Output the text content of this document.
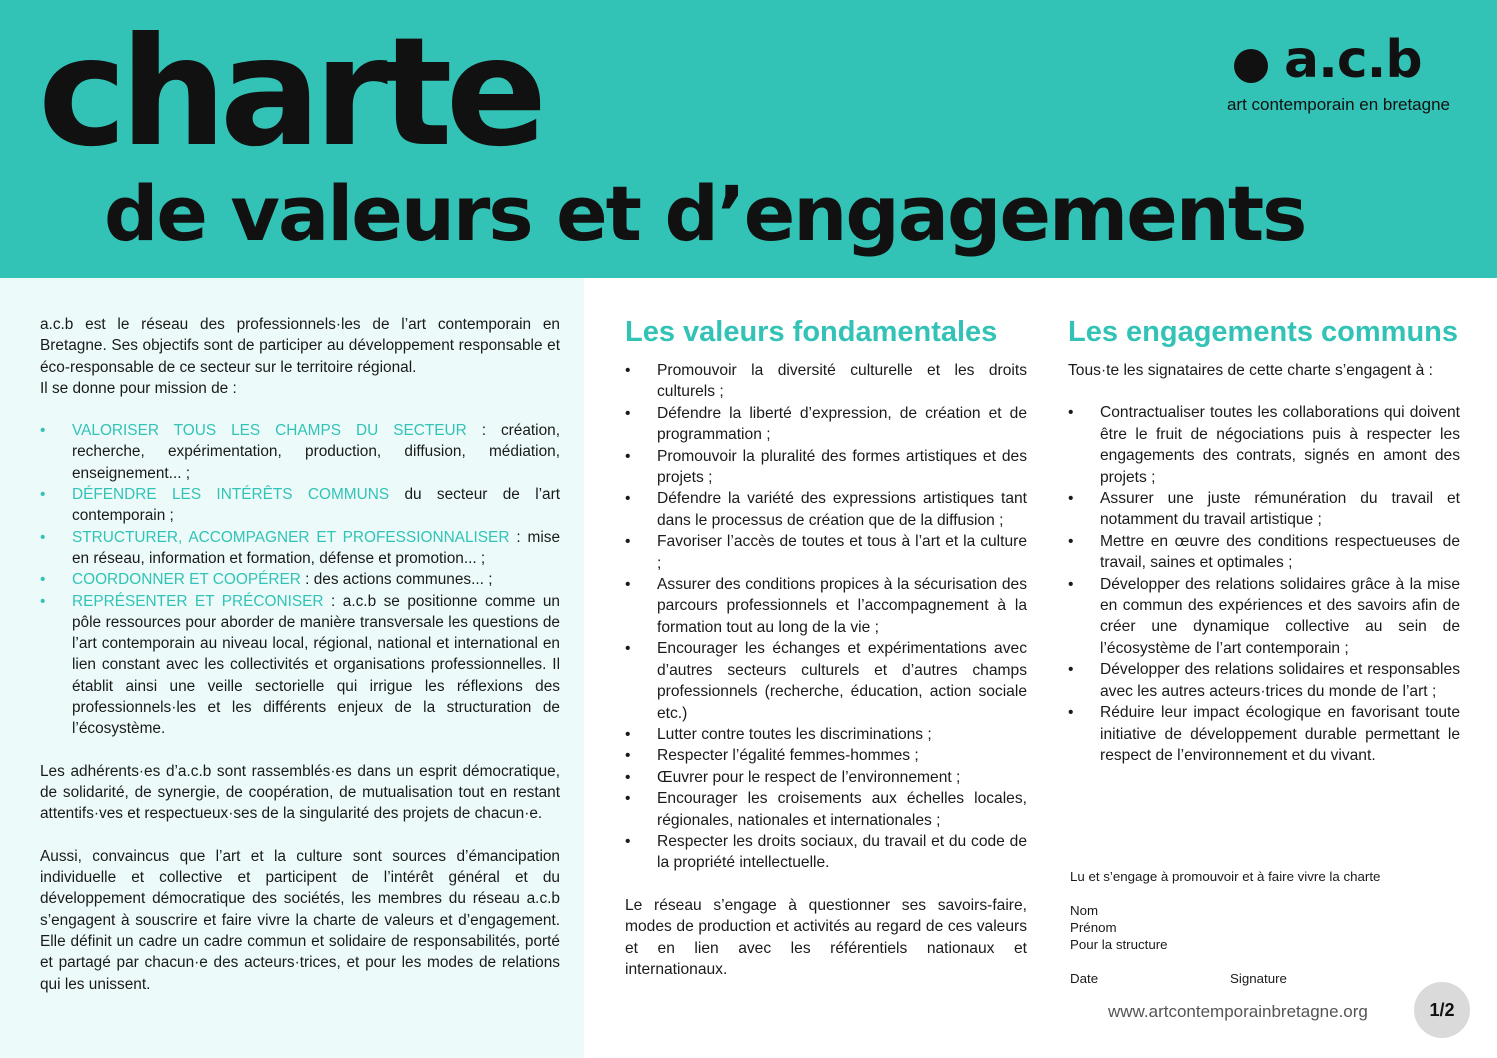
charte
de valeurs et d’engagements
a.c.b
art contemporain en bretagne

a.c.b est le réseau des professionnels·les de l’art contemporain en Bretagne. Ses objectifs sont de participer au développement responsable et éco-responsable de ce secteur sur le territoire régional.

Il se donne pour mission de :

• VALORISER TOUS LES CHAMPS DU SECTEUR : création, recherche, expérimentation, production, diffusion, médiation, enseignement... ;
• DÉFENDRE LES INTÉRÊTS COMMUNS du secteur de l’art contemporain ;
• STRUCTURER, ACCOMPAGNER ET PROFESSIONNALISER : mise en réseau, information et formation, défense et promotion... ;
• COORDONNER ET COOPÉRER : des actions communes... ;
• REPRÉSENTER ET PRÉCONISER : a.c.b se positionne comme un pôle ressources pour aborder de manière transversale les questions de l’art contemporain au niveau local, régional, national et international en lien constant avec les collectivités et organisations professionnelles. Il établit ainsi une veille sectorielle qui irrigue les réflexions des professionnels·les et les différents enjeux de la structuration de l’écosystème.

Les adhérents·es d’a.c.b sont rassemblés·es dans un esprit démocratique, de solidarité, de synergie, de coopération, de mutualisation tout en restant attentifs·ves et respectueux·ses de la singularité des projets de chacun·e.

Aussi, convaincus que l’art et la culture sont sources d’émancipation individuelle et collective et participent de l’intérêt général et du développement démocratique des sociétés, les membres du réseau a.c.b s’engagent à souscrire et faire vivre la charte de valeurs et d’engagement. Elle définit un cadre un cadre commun et solidaire de responsabilités, porté et partagé par chacun·e des acteurs·trices, et pour les modes de relations qui les unissent.

Les valeurs fondamentales
• Promouvoir la diversité culturelle et les droits culturels ;
• Défendre la liberté d’expression, de création et de programmation ;
• Promouvoir la pluralité des formes artistiques et des projets ;
• Défendre la variété des expressions artistiques tant dans le processus de création que de la diffusion ;
• Favoriser l’accès de toutes et tous à l’art et la culture ;
• Assurer des conditions propices à la sécurisation des parcours professionnels et l’accompagnement à la formation tout au long de la vie ;
• Encourager les échanges et expérimentations avec d’autres secteurs culturels et d’autres champs professionnels (recherche, éducation, action sociale etc.)
• Lutter contre toutes les discriminations ;
• Respecter l’égalité femmes-hommes ;
• Œuvrer pour le respect de l’environnement ;
• Encourager les croisements aux échelles locales, régionales, nationales et internationales ;
• Respecter les droits sociaux, du travail et du code de la propriété intellectuelle.

Le réseau s’engage à questionner ses savoirs-faire, modes de production et activités au regard de ces valeurs et en lien avec les référentiels nationaux et internationaux.

Les engagements communs

Tous·te les signataires de cette charte s’engagent à :

• Contractualiser toutes les collaborations qui doivent être le fruit de négociations puis à respecter les engagements des contrats, signés en amont des projets ;
• Assurer une juste rémunération du travail et notamment du travail artistique ;
• Mettre en œuvre des conditions respectueuses de travail, saines et optimales ;
• Développer des relations solidaires grâce à la mise en commun des expériences et des savoirs afin de créer une dynamique collective au sein de l’écosystème de l’art contemporain ;
• Développer des relations solidaires et responsables avec les autres acteurs·trices du monde de l’art ;
• Réduire leur impact écologique en favorisant toute initiative de développement durable permettant le respect de l’environnement et du vivant.
Lu et s’engage à promouvoir et à faire vivre la charte
Nom
Prénom
Pour la structure
Date	Signature
www.artcontemporainbretagne.org	1/2
